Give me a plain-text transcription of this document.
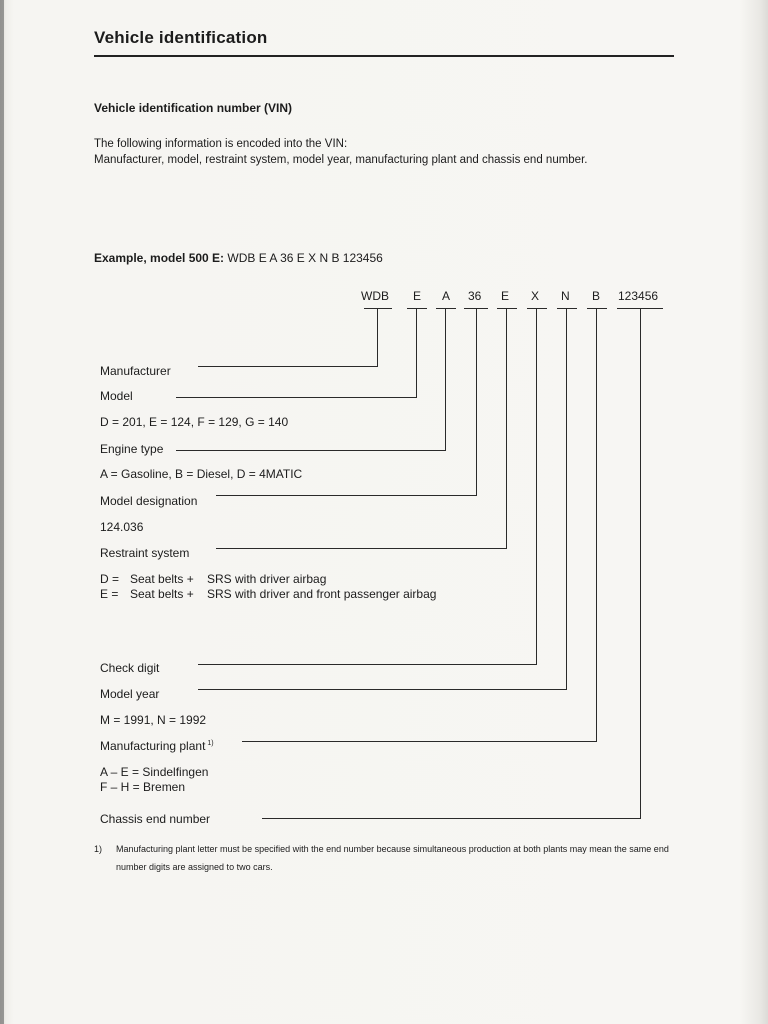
Vehicle identification
Vehicle identification number (VIN)
The following information is encoded into the VIN:
Manufacturer, model, restraint system, model year, manufacturing plant and chassis end number.
Example, model 500 E: WDB E A 36 E X N B 123456
WDB E A 36 E X N B 123456
Manufacturer
Model
D = 201, E = 124, F = 129, G = 140
Engine type
A = Gasoline, B = Diesel, D = 4MATIC
Model designation
124.036
Restraint system
D = Seat belts +	SRS with driver airbag
E = Seat belts +	SRS with driver and front passenger airbag
Check digit
Model year
M = 1991, N = 1992
Manufacturing plant $^{1)}$
A – E = Sindelfingen
F – H = Bremen
Chassis end number
1) Manufacturing plant letter must be specified with the end number because simultaneous production at both plants may mean the same end number digits are assigned to two cars.
